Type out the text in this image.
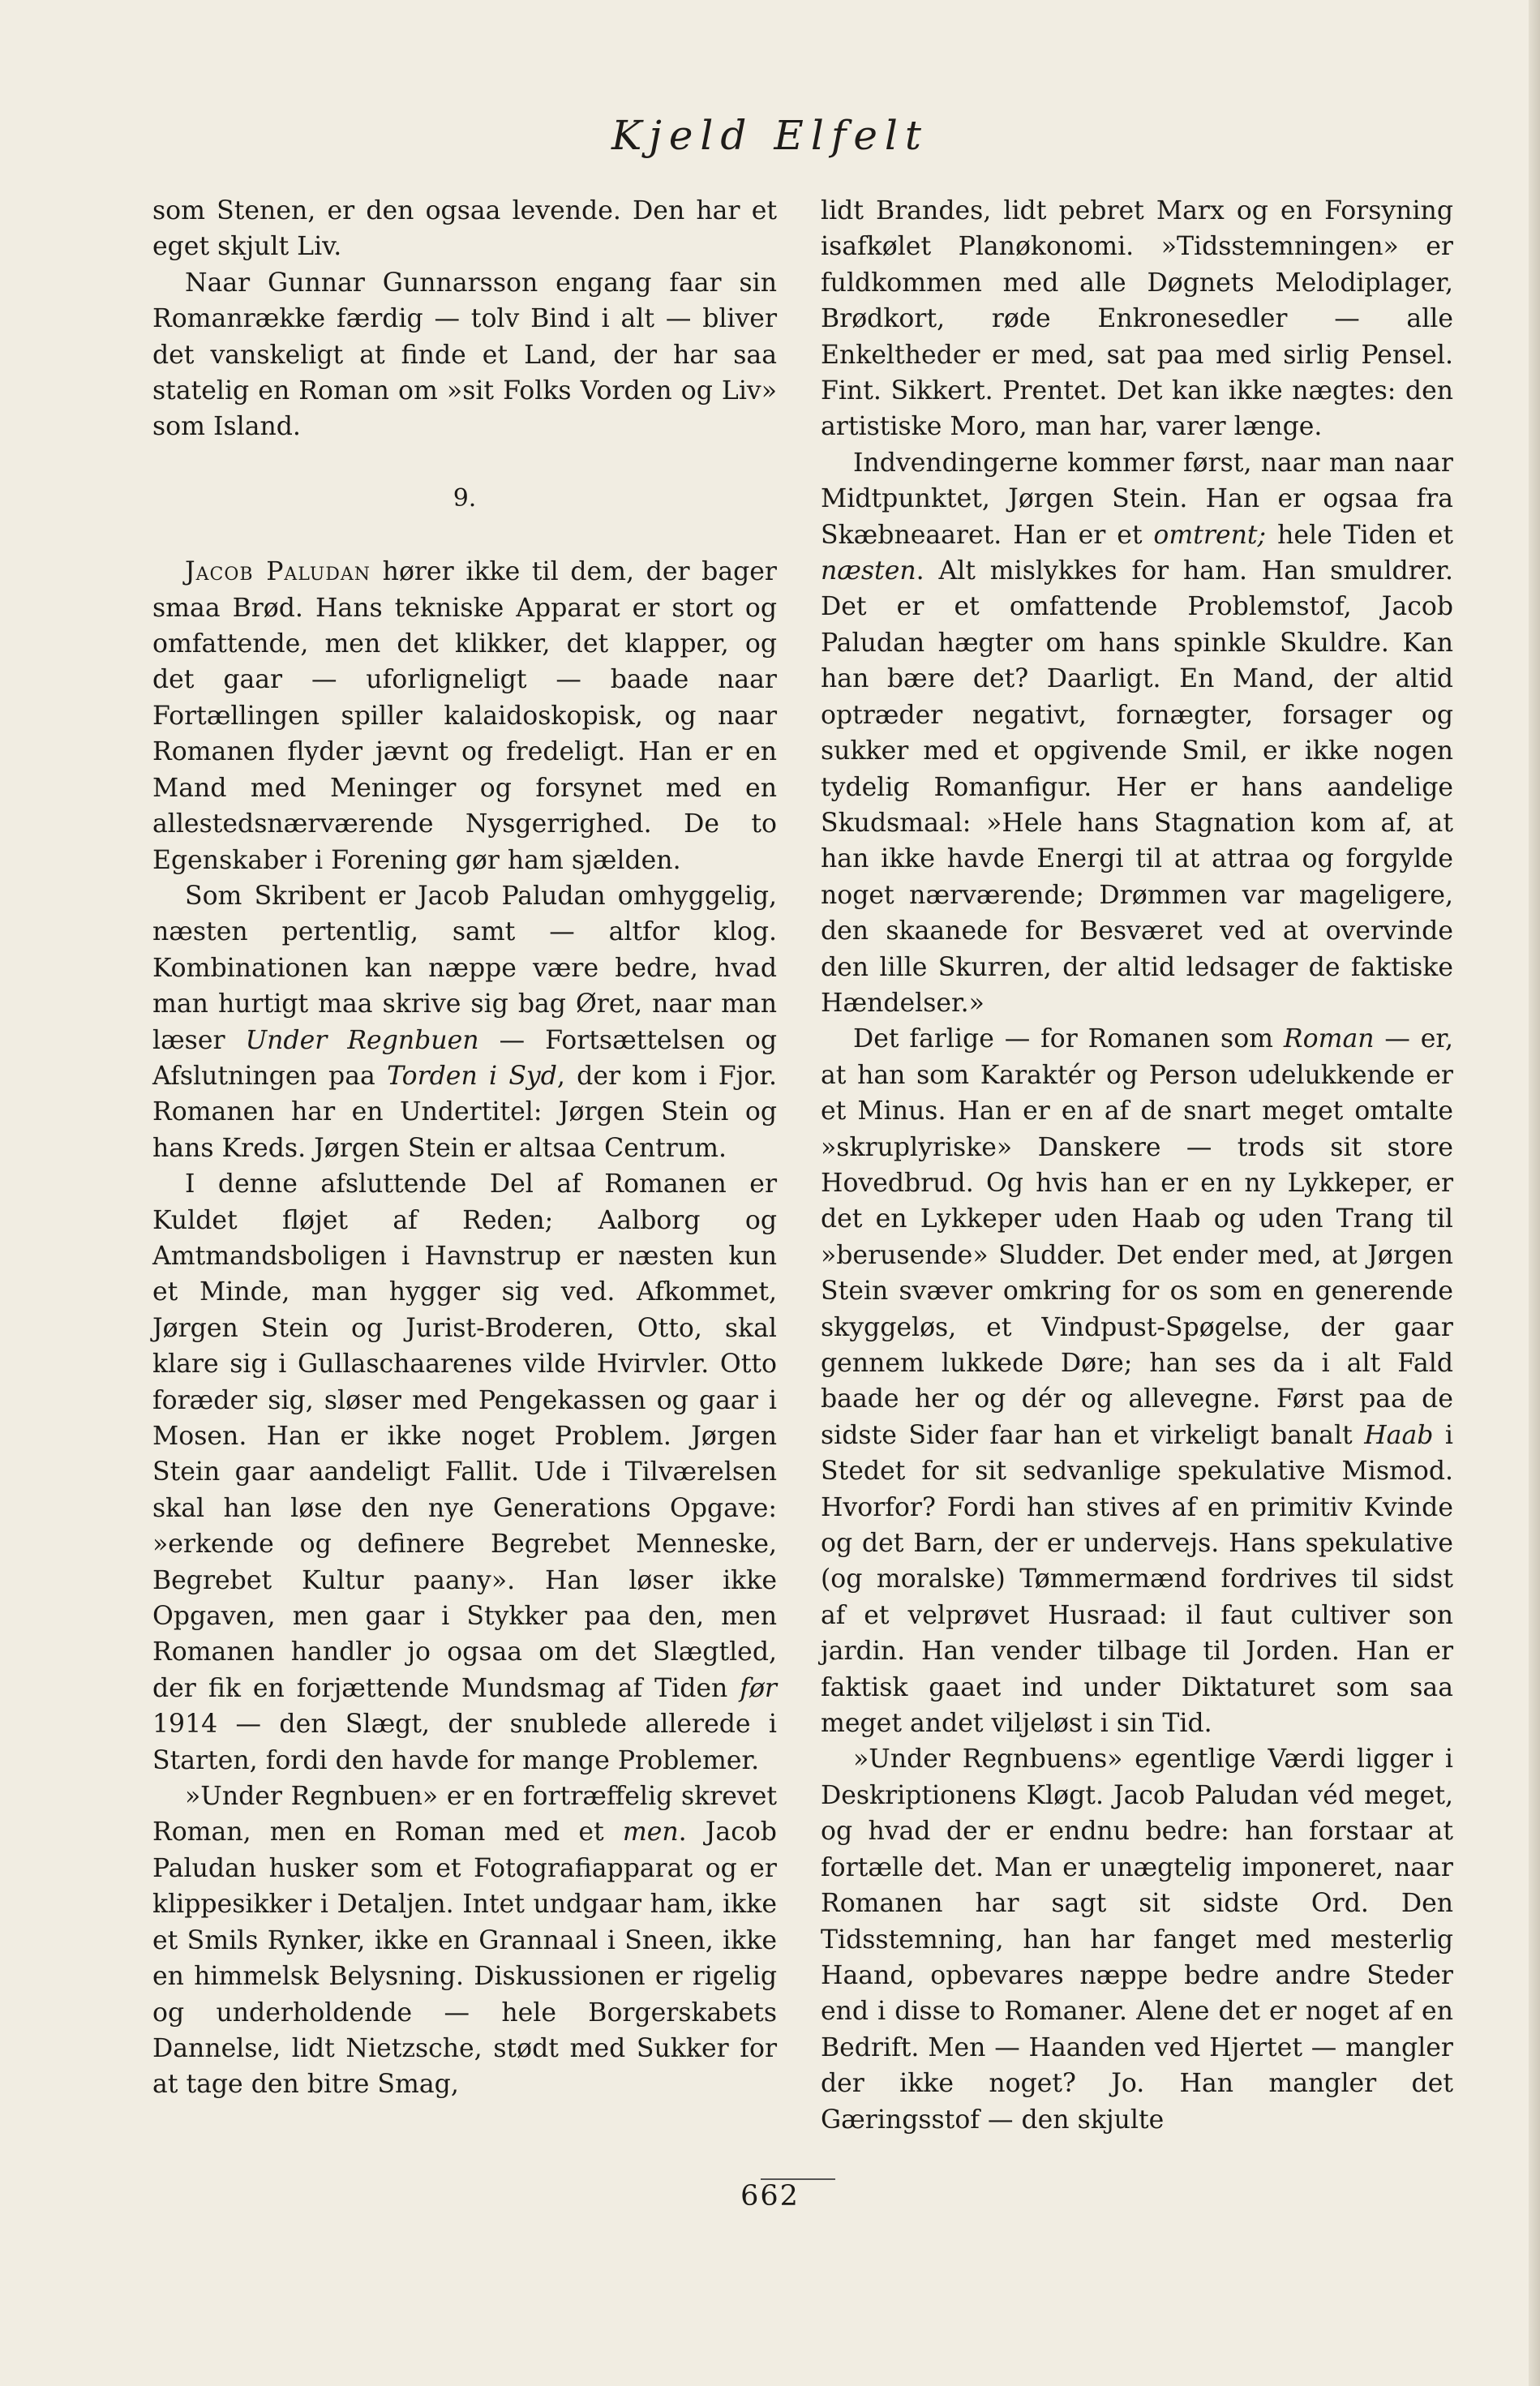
Kjeld Elfelt

som Stenen, er den ogsaa levende. Den har et eget skjult Liv.

Naar Gunnar Gunnarsson engang faar sin Romanrække færdig — tolv Bind i alt — bliver det vanskeligt at finde et Land, der har saa statelig en Roman om »sit Folks Vorden og Liv» som Island.

9.

Jacob Paludan hører ikke til dem, der bager smaa Brød. Hans tekniske Apparat er stort og omfattende, men det klikker, det klapper, og det gaar — uforligneligt — baade naar Fortællingen spiller kalaidoskopisk, og naar Romanen flyder jævnt og fredeligt. Han er en Mand med Meninger og forsynet med en allestedsnærværende Nysgerrighed. De to Egenskaber i Forening gør ham sjælden.

Som Skribent er Jacob Paludan omhyggelig, næsten pertentlig, samt — altfor klog. Kombinationen kan næppe være bedre, hvad man hurtigt maa skrive sig bag Øret, naar man læser Under Regnbuen — Fortsættelsen og Afslutningen paa Torden i Syd, der kom i Fjor. Romanen har en Undertitel: Jørgen Stein og hans Kreds. Jørgen Stein er altsaa Centrum.

I denne afsluttende Del af Romanen er Kuldet fløjet af Reden; Aalborg og Amtmandsboligen i Havnstrup er næsten kun et Minde, man hygger sig ved. Afkommet, Jørgen Stein og Jurist-Broderen, Otto, skal klare sig i Gullaschaarenes vilde Hvirvler. Otto foræder sig, sløser med Pengekassen og gaar i Mosen. Han er ikke noget Problem. Jørgen Stein gaar aandeligt Fallit. Ude i Tilværelsen skal han løse den nye Generations Opgave: »erkende og definere Begrebet Menneske, Begrebet Kultur paany». Han løser ikke Opgaven, men gaar i Stykker paa den, men Romanen handler jo ogsaa om det Slægtled, der fik en forjættende Mundsmag af Tiden før 1914 — den Slægt, der snublede allerede i Starten, fordi den havde for mange Problemer.

»Under Regnbuen» er en fortræffelig skrevet Roman, men en Roman med et men. Jacob Paludan husker som et Fotografiapparat og er klippesikker i Detaljen. Intet undgaar ham, ikke et Smils Rynker, ikke en Grannaal i Sneen, ikke en himmelsk Belysning. Diskussionen er rigelig og underholdende — hele Borgerskabets Dannelse, lidt Nietzsche, stødt med Sukker for at tage den bitre Smag,

lidt Brandes, lidt pebret Marx og en Forsyning isafkølet Planøkonomi. »Tidsstemningen» er fuldkommen med alle Døgnets Melodiplager, Brødkort, røde Enkronesedler — alle Enkeltheder er med, sat paa med sirlig Pensel. Fint. Sikkert. Prentet. Det kan ikke nægtes: den artistiske Moro, man har, varer længe.

Indvendingerne kommer først, naar man naar Midtpunktet, Jørgen Stein. Han er ogsaa fra Skæbneaaret. Han er et omtrent; hele Tiden et næsten. Alt mislykkes for ham. Han smuldrer. Det er et omfattende Problemstof, Jacob Paludan hægter om hans spinkle Skuldre. Kan han bære det? Daarligt. En Mand, der altid optræder negativt, fornægter, forsager og sukker med et opgivende Smil, er ikke nogen tydelig Romanfigur. Her er hans aandelige Skudsmaal: »Hele hans Stagnation kom af, at han ikke havde Energi til at attraa og forgylde noget nærværende; Drømmen var mageligere, den skaanede for Besværet ved at overvinde den lille Skurren, der altid ledsager de faktiske Hændelser.»

Det farlige — for Romanen som Roman — er, at han som Karaktér og Person udelukkende er et Minus. Han er en af de snart meget omtalte »skruplyriske» Danskere — trods sit store Hovedbrud. Og hvis han er en ny Lykkeper, er det en Lykkeper uden Haab og uden Trang til »berusende» Sludder. Det ender med, at Jørgen Stein svæver omkring for os som en generende skyggeløs, et Vindpust-Spøgelse, der gaar gennem lukkede Døre; han ses da i alt Fald baade her og dér og allevegne. Først paa de sidste Sider faar han et virkeligt banalt Haab i Stedet for sit sedvanlige spekulative Mismod. Hvorfor? Fordi han stives af en primitiv Kvinde og det Barn, der er undervejs. Hans spekulative (og moralske) Tømmermænd fordrives til sidst af et velprøvet Husraad: il faut cultiver son jardin. Han vender tilbage til Jorden. Han er faktisk gaaet ind under Diktaturet som saa meget andet viljeløst i sin Tid.

»Under Regnbuens» egentlige Værdi ligger i Deskriptionens Kløgt. Jacob Paludan véd meget, og hvad der er endnu bedre: han forstaar at fortælle det. Man er unægtelig imponeret, naar Romanen har sagt sit sidste Ord. Den Tidsstemning, han har fanget med mesterlig Haand, opbevares næppe bedre andre Steder end i disse to Romaner. Alene det er noget af en Bedrift. Men — Haanden ved Hjertet — mangler der ikke noget? Jo. Han mangler det Gæringsstof — den skjulte

662
